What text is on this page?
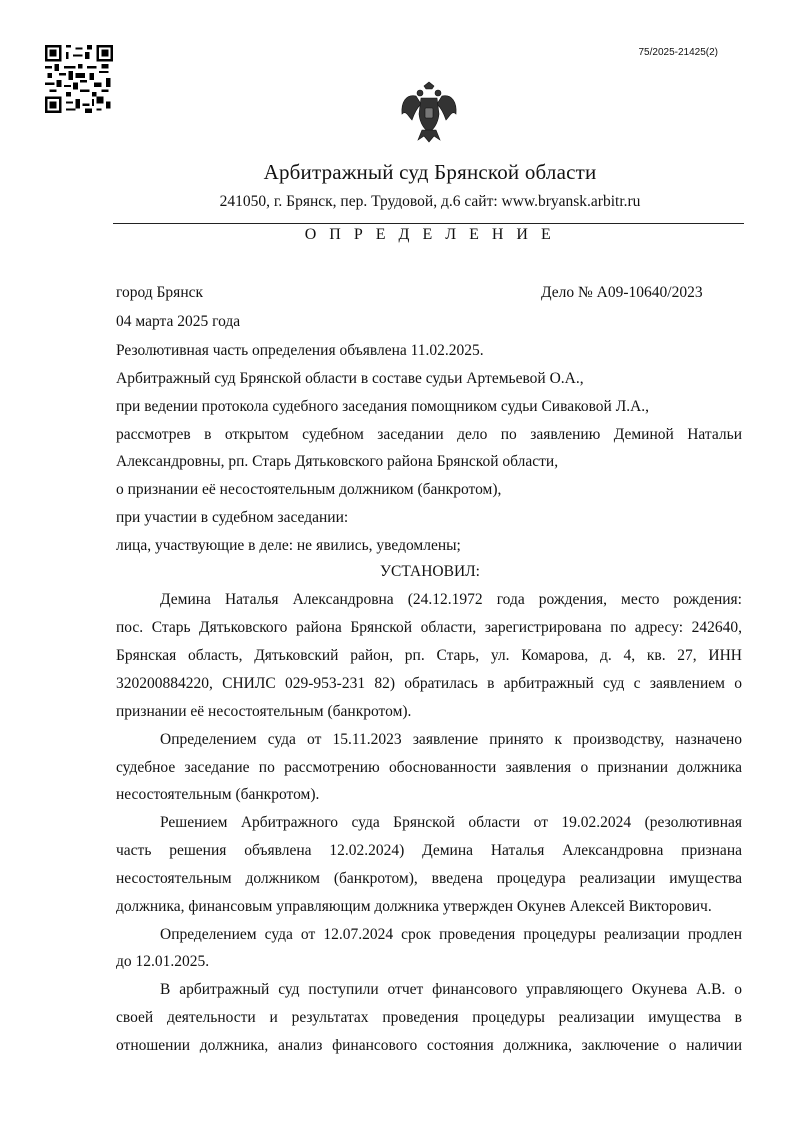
75/2025-21425(2)
Арбитражный суд Брянской области
241050, г. Брянск, пер. Трудовой, д.6 сайт: www.bryansk.arbitr.ru
О П Р Е Д Е Л Е Н И Е
город Брянск	Дело № А09-10640/2023
04 марта 2025 года
Резолютивная часть определения объявлена 11.02.2025.
Арбитражный суд Брянской области в составе судьи Артемьевой О.А.,
при ведении протокола судебного заседания помощником судьи Сиваковой Л.А.,
рассмотрев в открытом судебном заседании дело по заявлению Деминой Натальи
Александровны, рп. Старь Дятьковского района Брянской области,
о признании её несостоятельным должником (банкротом),
при участии в судебном заседании:
лица, участвующие в деле: не явились, уведомлены;
УСТАНОВИЛ:
Демина Наталья Александровна (24.12.1972 года рождения, место рождения:
пос. Старь Дятьковского района Брянской области, зарегистрирована по адресу: 242640,
Брянская область, Дятьковский район, рп. Старь, ул. Комарова, д. 4, кв. 27, ИНН
320200884220, СНИЛС 029-953-231 82) обратилась в арбитражный суд с заявлением о
признании её несостоятельным (банкротом).
Определением суда от 15.11.2023 заявление принято к производству, назначено
судебное заседание по рассмотрению обоснованности заявления о признании должника
несостоятельным (банкротом).
Решением Арбитражного суда Брянской области от 19.02.2024 (резолютивная
часть решения объявлена 12.02.2024) Демина Наталья Александровна признана
несостоятельным должником (банкротом), введена процедура реализации имущества
должника, финансовым управляющим должника утвержден Окунев Алексей Викторович.
Определением суда от 12.07.2024 срок проведения процедуры реализации продлен
до 12.01.2025.
В арбитражный суд поступили отчет финансового управляющего Окунева А.В. о
своей деятельности и результатах проведения процедуры реализации имущества в
отношении должника, анализ финансового состояния должника, заключение о наличии
